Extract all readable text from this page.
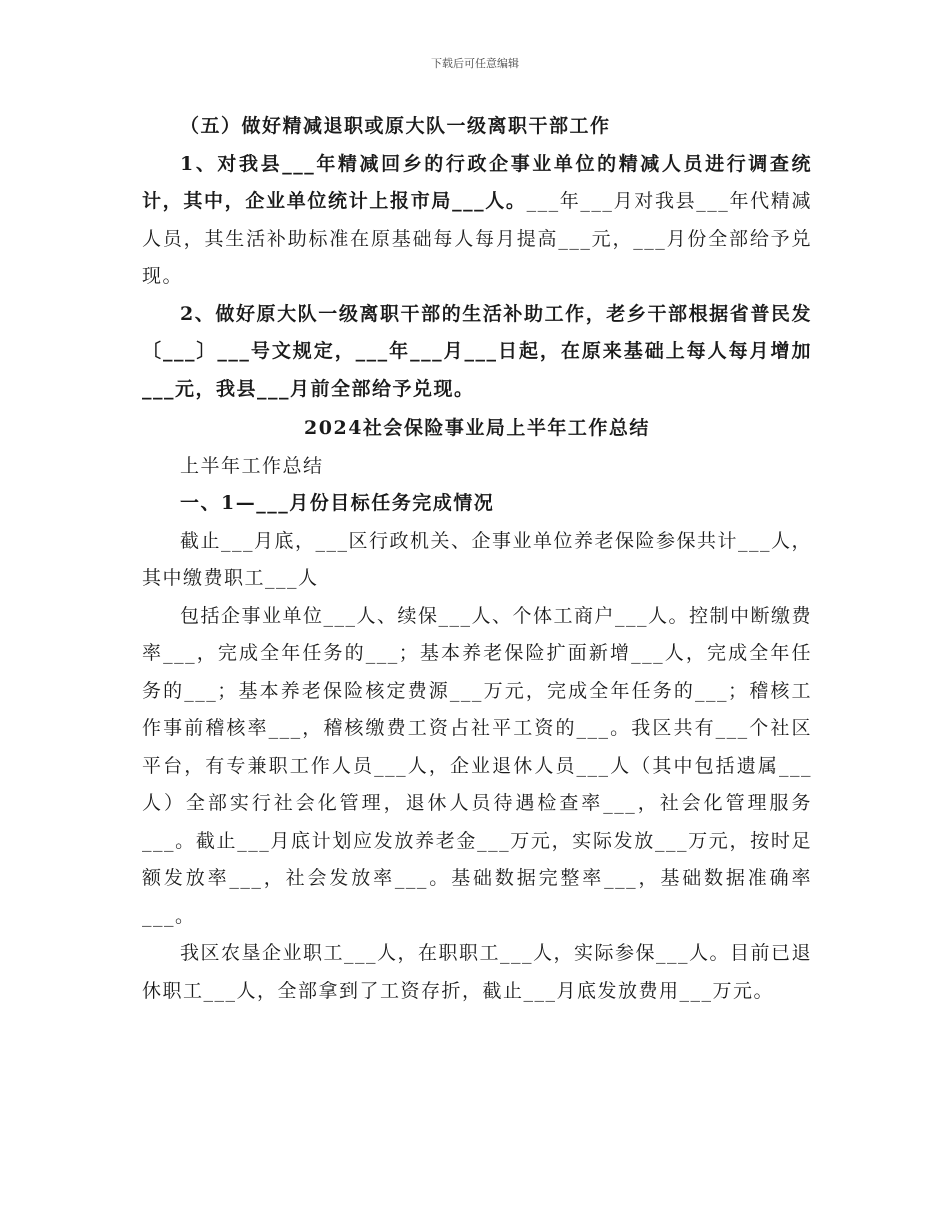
下载后可任意编辑

（五）做好精减退职或原大队一级离职干部工作

1、对我县___年精减回乡的行政企事业单位的精减人员进行调查统计，其中，企业单位统计上报市局___人。___年___月对我县___年代精减人员，其生活补助标准在原基础每人每月提高___元，___月份全部给予兑现。

2、做好原大队一级离职干部的生活补助工作，老乡干部根据省普民发〔___〕___号文规定，___年___月___日起，在原来基础上每人每月增加___元，我县___月前全部给予兑现。

2024社会保险事业局上半年工作总结

上半年工作总结

一、1—___月份目标任务完成情况

截止___月底，___区行政机关、企事业单位养老保险参保共计___人，其中缴费职工___人

包括企事业单位___人、续保___人、个体工商户___人。控制中断缴费率___，完成全年任务的___；基本养老保险扩面新增___人，完成全年任务的___；基本养老保险核定费源___万元，完成全年任务的___；稽核工作事前稽核率___，稽核缴费工资占社平工资的___。我区共有___个社区平台，有专兼职工作人员___人，企业退休人员___人（其中包括遗属___人）全部实行社会化管理，退休人员待遇检查率___，社会化管理服务___。截止___月底计划应发放养老金___万元，实际发放___万元，按时足额发放率___，社会发放率___。基础数据完整率___，基础数据准确率___。

我区农垦企业职工___人，在职职工___人，实际参保___人。目前已退休职工___人，全部拿到了工资存折，截止___月底发放费用___万元。
